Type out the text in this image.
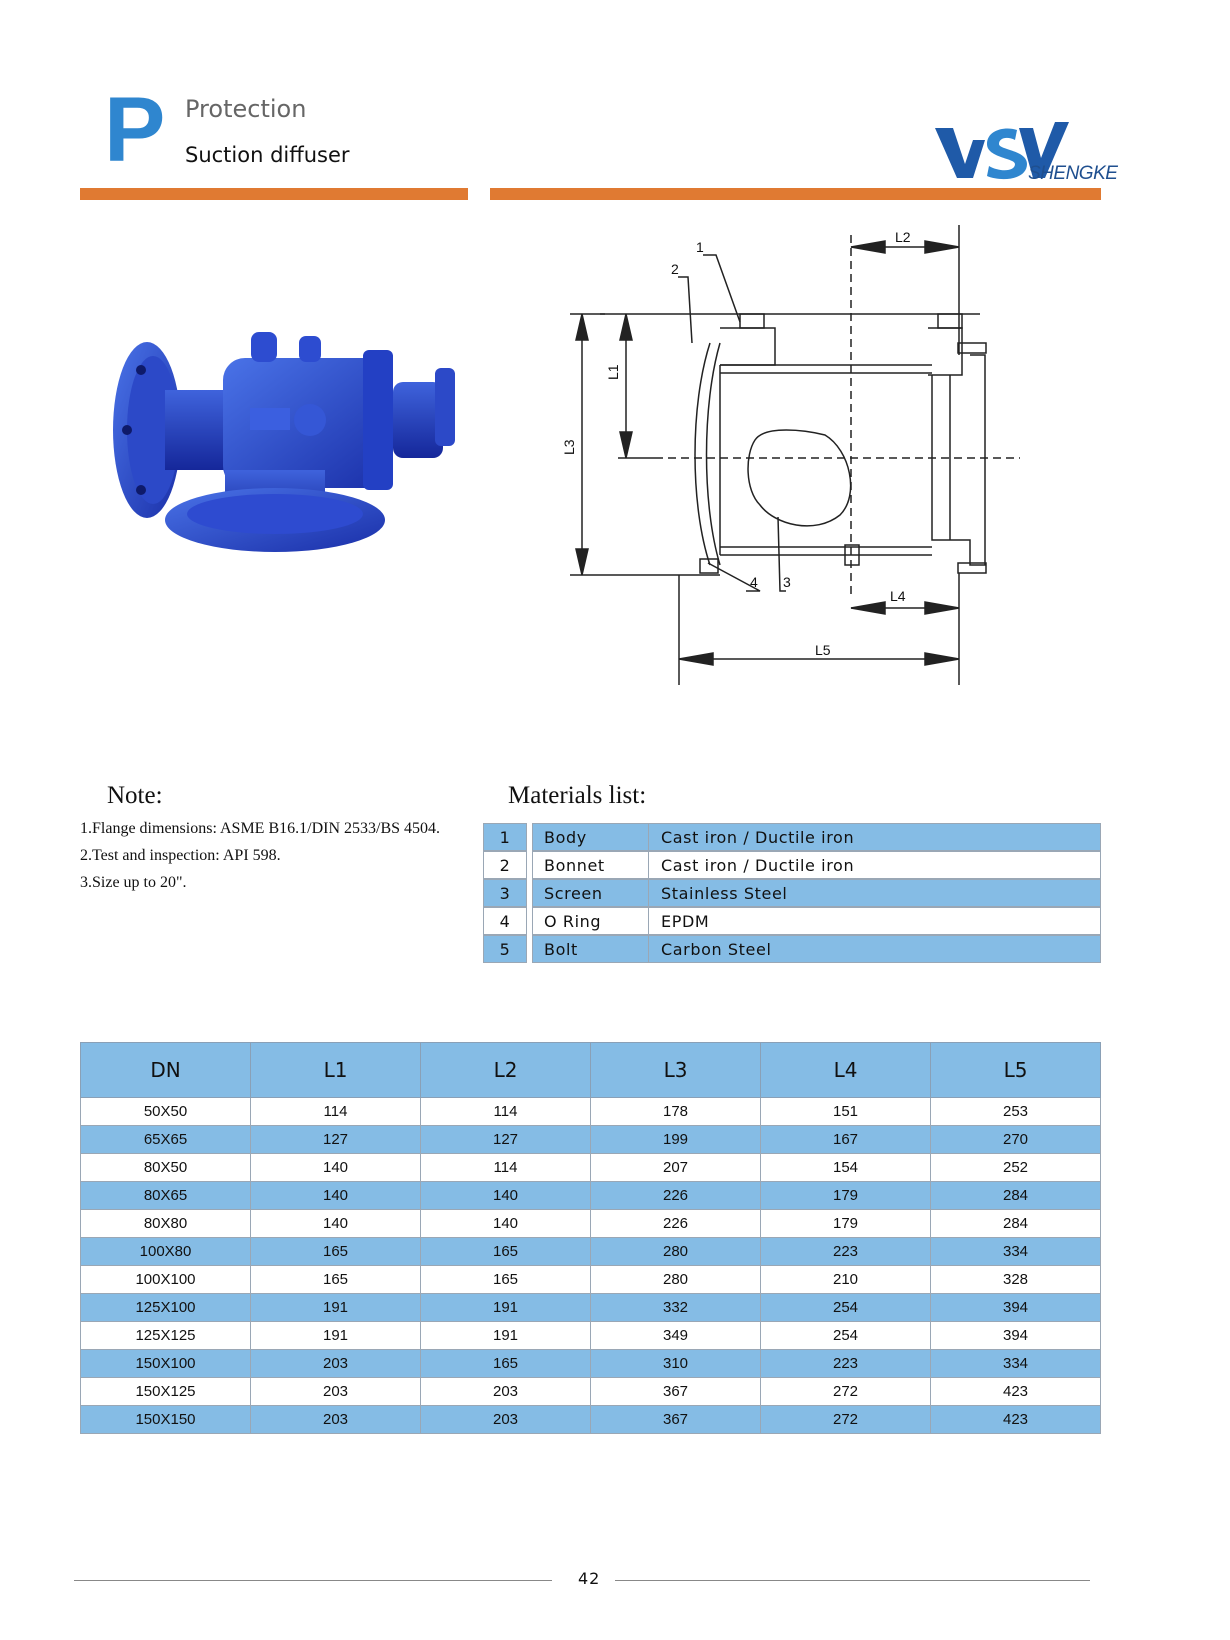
P Protection
Suction diffuser
SHENGKE
1
2
3
4
L1
L2
L3
L4
L5
Note:
1.Flange dimensions: ASME B16.1/DIN 2533/BS 4504.
2.Test and inspection: API 598.
3.Size up to 20".
Materials list:
1	Body	Cast iron / Ductile iron
2	Bonnet	Cast iron / Ductile iron
3	Screen	Stainless Steel
4	O Ring	EPDM
5	Bolt	Carbon Steel
DN	L1	L2	L3	L4	L5
50X50	114	114	178	151	253
65X65	127	127	199	167	270
80X50	140	114	207	154	252
80X65	140	140	226	179	284
80X80	140	140	226	179	284
100X80	165	165	280	223	334
100X100	165	165	280	210	328
125X100	191	191	332	254	394
125X125	191	191	349	254	394
150X100	203	165	310	223	334
150X125	203	203	367	272	423
150X150	203	203	367	272	423
42
